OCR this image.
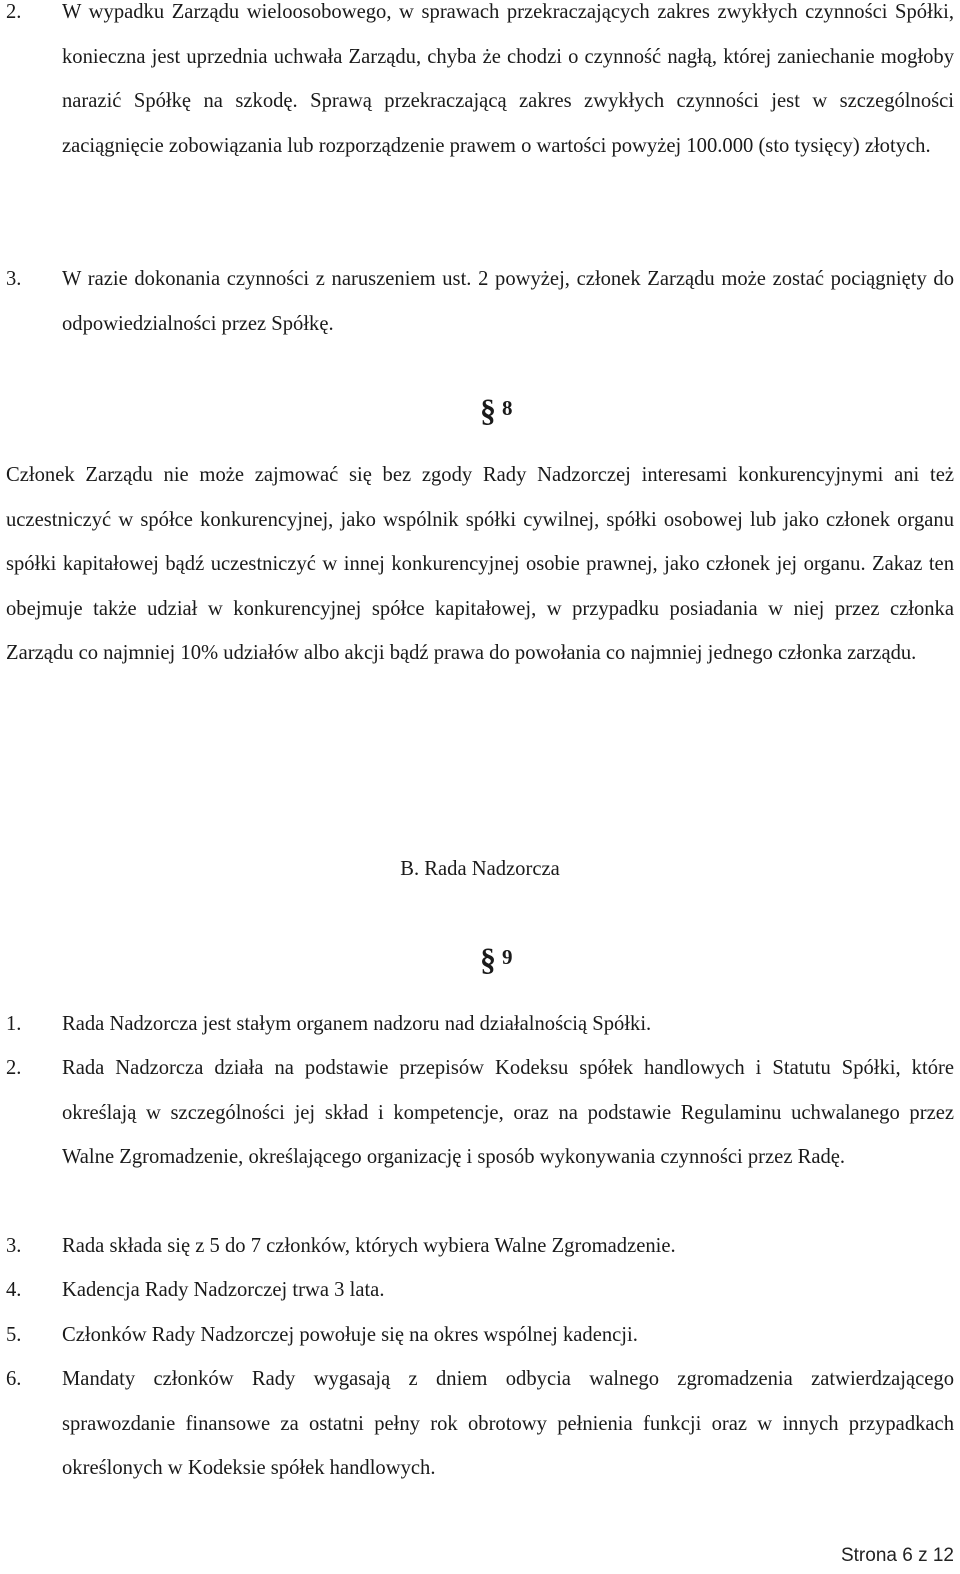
2.	W wypadku Zarządu wieloosobowego, w sprawach przekraczających zakres zwykłych czynności Spółki, konieczna jest uprzednia uchwała Zarządu, chyba że chodzi o czynność nagłą, której zaniechanie mogłoby narazić Spółkę na szkodę. Sprawą przekraczającą zakres zwykłych czynności jest w szczególności zaciągnięcie zobowiązania lub rozporządzenie prawem o wartości powyżej 100.000 (sto tysięcy) złotych.
3.	W razie dokonania czynności z naruszeniem ust. 2 powyżej, członek Zarządu może zostać pociągnięty do odpowiedzialności przez Spółkę.
§ 8
Członek Zarządu nie może zajmować się bez zgody Rady Nadzorczej interesami konkurencyjnymi ani też uczestniczyć w spółce konkurencyjnej, jako wspólnik spółki cywilnej, spółki osobowej lub jako członek organu spółki kapitałowej bądź uczestniczyć w innej konkurencyjnej osobie prawnej, jako członek jej organu. Zakaz ten obejmuje także udział w konkurencyjnej spółce kapitałowej, w przypadku posiadania w niej przez członka Zarządu co najmniej 10% udziałów albo akcji bądź prawa do powołania co najmniej jednego członka zarządu.
B. Rada Nadzorcza
§ 9
1.	Rada Nadzorcza jest stałym organem nadzoru nad działalnością Spółki.
2.	Rada Nadzorcza działa na podstawie przepisów Kodeksu spółek handlowych i Statutu Spółki, które określają w szczególności jej skład i kompetencje, oraz na podstawie Regulaminu uchwalanego przez Walne Zgromadzenie, określającego organizację i sposób wykonywania czynności przez Radę.
3.	Rada składa się z 5 do 7 członków, których wybiera Walne Zgromadzenie.
4.	Kadencja Rady Nadzorczej trwa 3 lata.
5.	Członków Rady Nadzorczej powołuje się na okres wspólnej kadencji.
6.	Mandaty członków Rady wygasają z dniem odbycia walnego zgromadzenia zatwierdzającego sprawozdanie finansowe za ostatni pełny rok obrotowy pełnienia funkcji oraz w innych przypadkach określonych w Kodeksie spółek handlowych.
Strona 6 z 12
